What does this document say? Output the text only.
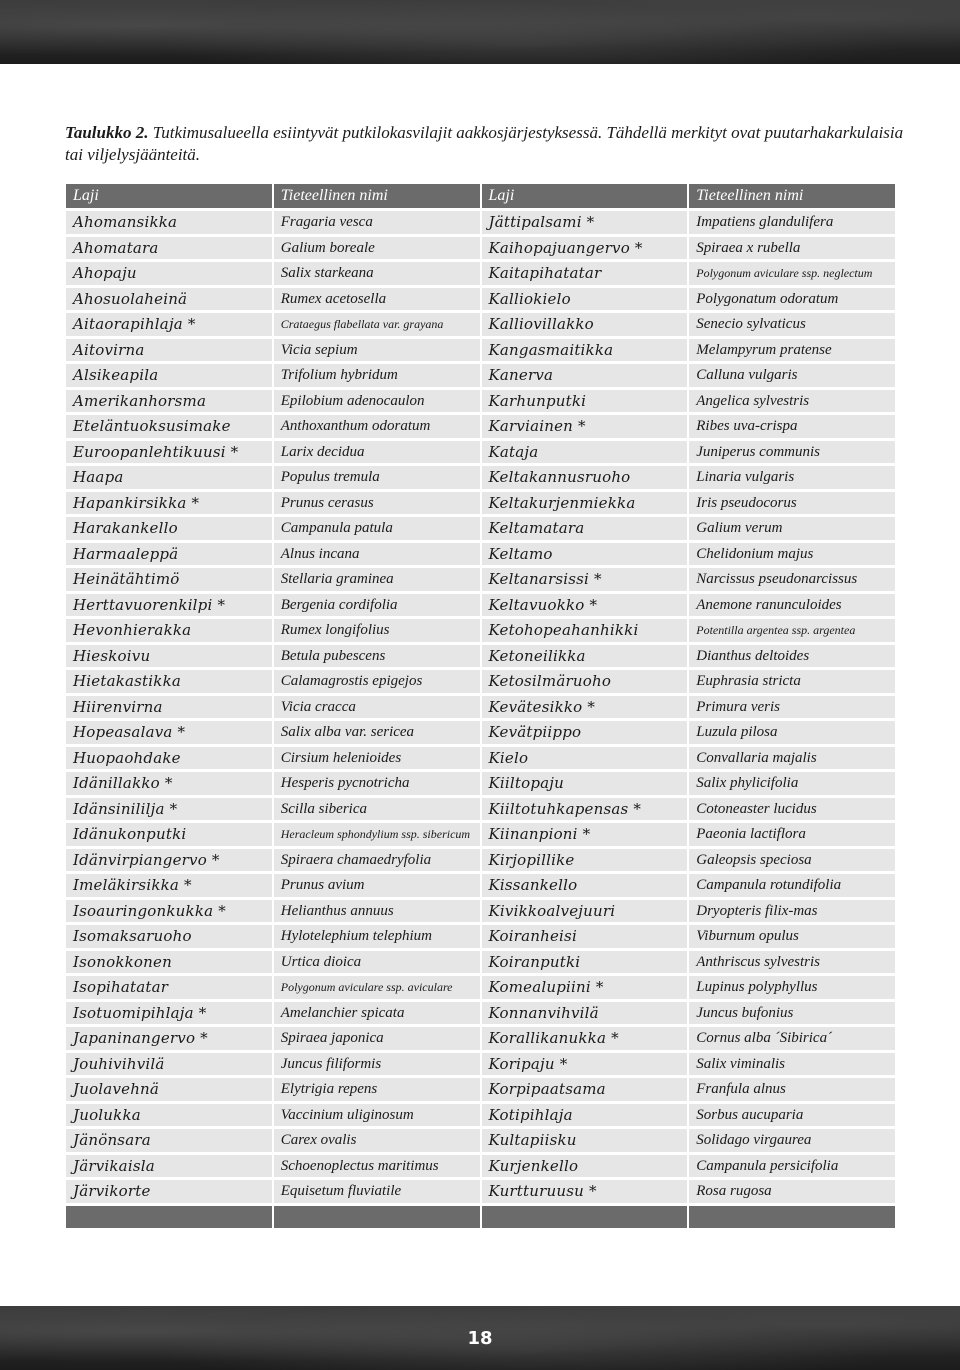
Taulukko 2. Tutkimusalueella esiintyvät putkilokasvilajit aakkosjärjestyksessä. Tähdellä merkityt ovat puutarhakarkulaisia tai viljelysjäänteitä.
Laji	Tieteellinen nimi	Laji	Tieteellinen nimi
Ahomansikka	Fragaria vesca	Jättipalsami *	Impatiens glandulifera
Ahomatara	Galium boreale	Kaihopajuangervo *	Spiraea x rubella
Ahopaju	Salix starkeana	Kaitapihatatar	Polygonum aviculare ssp. neglectum
Ahosuolaheinä	Rumex acetosella	Kalliokielo	Polygonatum odoratum
Aitaorapihlaja *	Crataegus flabellata var. grayana	Kalliovillakko	Senecio sylvaticus
Aitovirna	Vicia sepium	Kangasmaitikka	Melampyrum pratense
Alsikeapila	Trifolium hybridum	Kanerva	Calluna vulgaris
Amerikanhorsma	Epilobium adenocaulon	Karhunputki	Angelica sylvestris
Eteläntuoksusimake	Anthoxanthum odoratum	Karviainen *	Ribes uva-crispa
Euroopanlehtikuusi *	Larix decidua	Kataja	Juniperus communis
Haapa	Populus tremula	Keltakannusruoho	Linaria vulgaris
Hapankirsikka *	Prunus cerasus	Keltakurjenmiekka	Iris pseudocorus
Harakankello	Campanula patula	Keltamatara	Galium verum
Harmaaleppä	Alnus incana	Keltamo	Chelidonium majus
Heinätähtimö	Stellaria graminea	Keltanarsissi *	Narcissus pseudonarcissus
Herttavuorenkilpi *	Bergenia cordifolia	Keltavuokko *	Anemone ranunculoides
Hevonhierakka	Rumex longifolius	Ketohopeahanhikki	Potentilla argentea ssp. argentea
Hieskoivu	Betula pubescens	Ketoneilikka	Dianthus deltoides
Hietakastikka	Calamagrostis epigejos	Ketosilmäruoho	Euphrasia stricta
Hiirenvirna	Vicia cracca	Kevätesikko *	Primura veris
Hopeasalava *	Salix alba var. sericea	Kevätpiippo	Luzula pilosa
Huopaohdake	Cirsium helenioides	Kielo	Convallaria majalis
Idänillakko *	Hesperis pycnotricha	Kiiltopaju	Salix phylicifolia
Idänsinililja *	Scilla siberica	Kiiltotuhkapensas *	Cotoneaster lucidus
Idänukonputki	Heracleum sphondylium ssp. sibericum	Kiinanpioni *	Paeonia lactiflora
Idänvirpiangervo *	Spiraera chamaedryfolia	Kirjopillike	Galeopsis speciosa
Imeläkirsikka *	Prunus avium	Kissankello	Campanula rotundifolia
Isoauringonkukka *	Helianthus annuus	Kivikkoalvejuuri	Dryopteris filix-mas
Isomaksaruoho	Hylotelephium telephium	Koiranheisi	Viburnum opulus
Isonokkonen	Urtica dioica	Koiranputki	Anthriscus sylvestris
Isopihatatar	Polygonum aviculare ssp. aviculare	Komealupiini *	Lupinus polyphyllus
Isotuomipihlaja *	Amelanchier spicata	Konnanvihvilä	Juncus bufonius
Japaninangervo *	Spiraea japonica	Korallikanukka *	Cornus alba ´Sibirica´
Jouhivihvilä	Juncus filiformis	Koripaju *	Salix viminalis
Juolavehnä	Elytrigia repens	Korpipaatsama	Franfula alnus
Juolukka	Vaccinium uliginosum	Kotipihlaja	Sorbus aucuparia
Jänönsara	Carex ovalis	Kultapiisku	Solidago virgaurea
Järvikaisla	Schoenoplectus maritimus	Kurjenkello	Campanula persicifolia
Järvikorte	Equisetum fluviatile	Kurtturuusu *	Rosa rugosa

18
